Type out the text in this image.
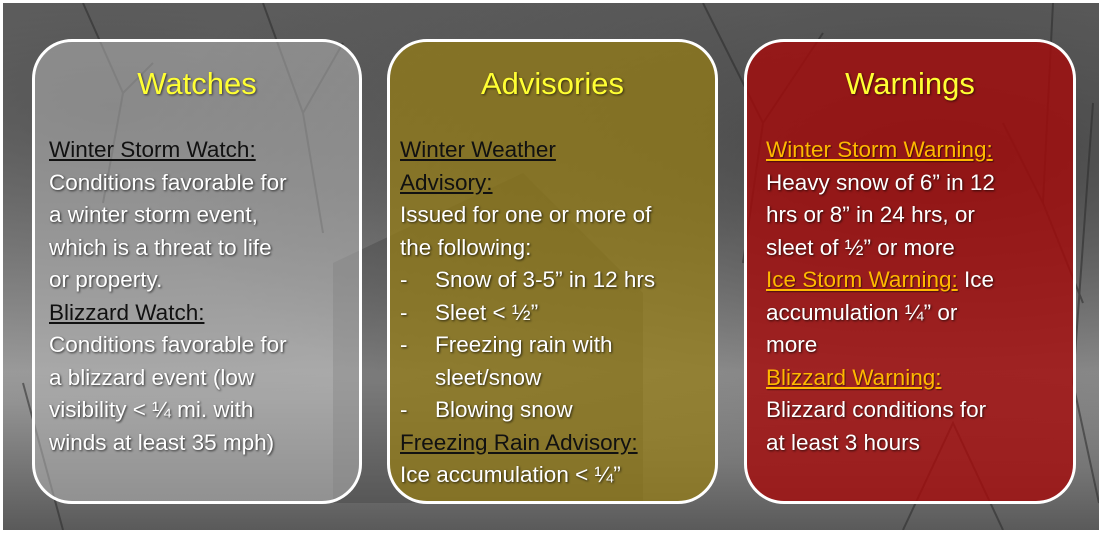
Watches
Winter Storm Watch:
Conditions favorable for
a winter storm event,
which is a threat to life
or property.
Blizzard Watch:
Conditions favorable for
a blizzard event (low
visibility < ¼ mi. with
winds at least 35 mph)
Advisories
Winter Weather
Advisory:
Issued for one or more of
the following:
- Snow of 3-5” in 12 hrs
- Sleet < ½”
- Freezing rain with
sleet/snow
- Blowing snow
Freezing Rain Advisory:
Ice accumulation < ¼”
Warnings
Winter Storm Warning:
Heavy snow of 6” in 12
hrs or 8” in 24 hrs, or
sleet of ½” or more
Ice Storm Warning: Ice
accumulation ¼” or
more
Blizzard Warning:
Blizzard conditions for
at least 3 hours
